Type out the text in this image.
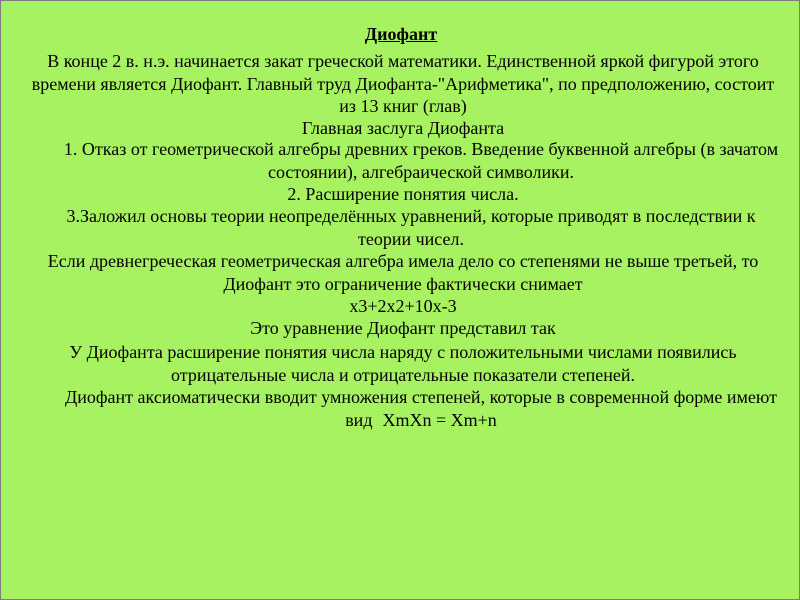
Диофант

В конце 2 в. н.э. начинается закат греческой математики. Единственной яркой фигурой этого времени является Диофант. Главный труд Диофанта-"Арифметика", по предположению, состоит из 13 книг (глав)

Главная заслуга Диофанта

1. Отказ от геометрической алгебры древних греков. Введение буквенной алгебры (в зачатом состоянии), алгебраической символики.

2. Расширение понятия числа.

3.Заложил основы теории неопределённых уравнений, которые приводят в последствии к теории чисел.

Если древнегреческая геометрическая алгебра имела дело со степенями не выше третьей, то Диофант это ограничение фактически снимает

x3+2x2+10x-3

Это уравнение Диофант представил так

У Диофанта расширение понятия числа наряду с положительными числами появились отрицательные числа и отрицательные показатели степеней.

Диофант аксиоматически вводит умножения степеней, которые в современной форме имеют вид XmXn = Xm+n
